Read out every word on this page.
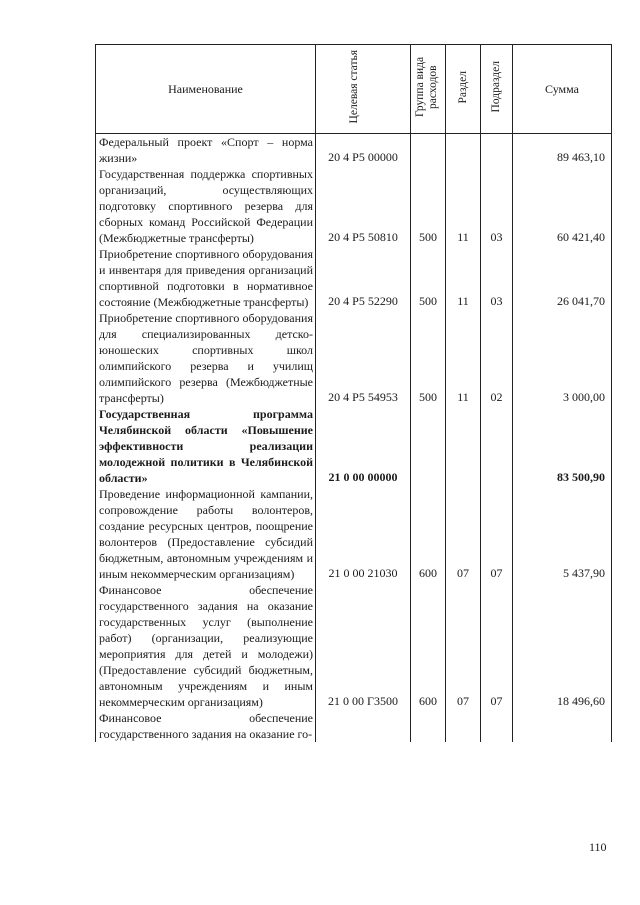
Наименование	Целевая статья	Группа вида расходов	Раздел	Подраздел	Сумма
Федеральный проект «Спорт – норма жизни»	20 4 P5 00000				89 463,10
Государственная поддержка спортивных организаций, осуществляющих подготовку спортивного резерва для сборных команд Российской Федерации (Межбюджетные трансферты)	20 4 P5 50810	500	11	03	60 421,40
Приобретение спортивного оборудования и инвентаря для приведения организаций спортивной подготовки в нормативное состояние (Межбюджетные трансферты)	20 4 P5 52290	500	11	03	26 041,70
Приобретение спортивного оборудования для специализированных детско-юношеских спортивных школ олимпийского резерва и училищ олимпийского резерва (Межбюджетные трансферты)	20 4 P5 54953	500	11	02	3 000,00
Государственная программа Челябинской области «Повышение эффективности реализации молодежной политики в Челябинской области»	21 0 00 00000				83 500,90
Проведение информационной кампании, сопровождение работы волонтеров, создание ресурсных центров, поощрение волонтеров (Предоставление субсидий бюджетным, автономным учреждениям и иным некоммерческим организациям)	21 0 00 21030	600	07	07	5 437,90
Финансовое обеспечение государственного задания на оказание государственных услуг (выполнение работ) (организации, реализующие мероприятия для детей и молодежи) (Предоставление субсидий бюджетным, автономным учреждениям и иным некоммерческим организациям)	21 0 00 Г3500	600	07	07	18 496,60
Финансовое обеспечение государственного задания на оказание го-					
110
